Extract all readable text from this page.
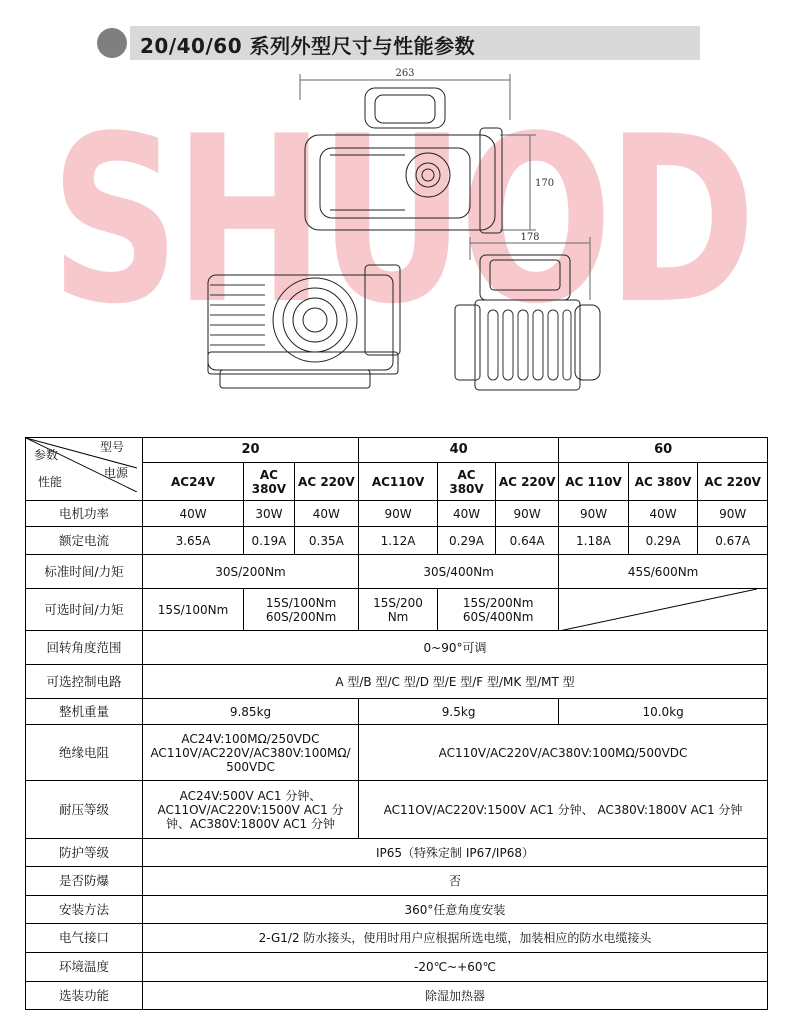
20/40/60 系列外型尺寸与性能参数
SHUOD
263
170
178
型号
参数
电源
性能	20			40			60		
	AC24V	AC 380V	AC 220V	AC110V	AC 380V	AC 220V	AC 110V	AC 380V	AC 220V
电机功率	40W	30W	40W	90W	40W	90W	90W	40W	90W
额定电流	3.65A	0.19A	0.35A	1.12A	0.29A	0.64A	1.18A	0.29A	0.67A
标准时间/力矩	30S/200Nm			30S/400Nm			45S/600Nm		
可选时间/力矩	15S/100Nm	15S/100Nm 60S/200Nm		15S/200 Nm	15S/200Nm 60S/400Nm	

回转角度范围	0~90°可调								
可选控制电路	A 型/B 型/C 型/D 型/E 型/F 型/MK 型/MT 型								
整机重量	9.85kg			9.5kg			10.0kg		
绝缘电阻	AC24V:100MΩ/250VDC AC110V/AC220V/AC380V:100MΩ/ 500VDC			AC110V/AC220V/AC380V:100MΩ/500VDC					
耐压等级	AC24V:500V AC1 分钟、 AC11OV/AC220V:1500V AC1 分 钟、AC380V:1800V AC1 分钟			AC11OV/AC220V:1500V AC1 分钟、 AC380V:1800V AC1 分钟					
防护等级	IP65（特殊定制 IP67/IP68）								
是否防爆	否								
安装方法	360°任意角度安装								
电气接口	2-G1/2 防水接头，使用时用户应根据所选电缆，加装相应的防水电缆接头								
环境温度	-20℃~+60℃								
选装功能	除湿加热器								
